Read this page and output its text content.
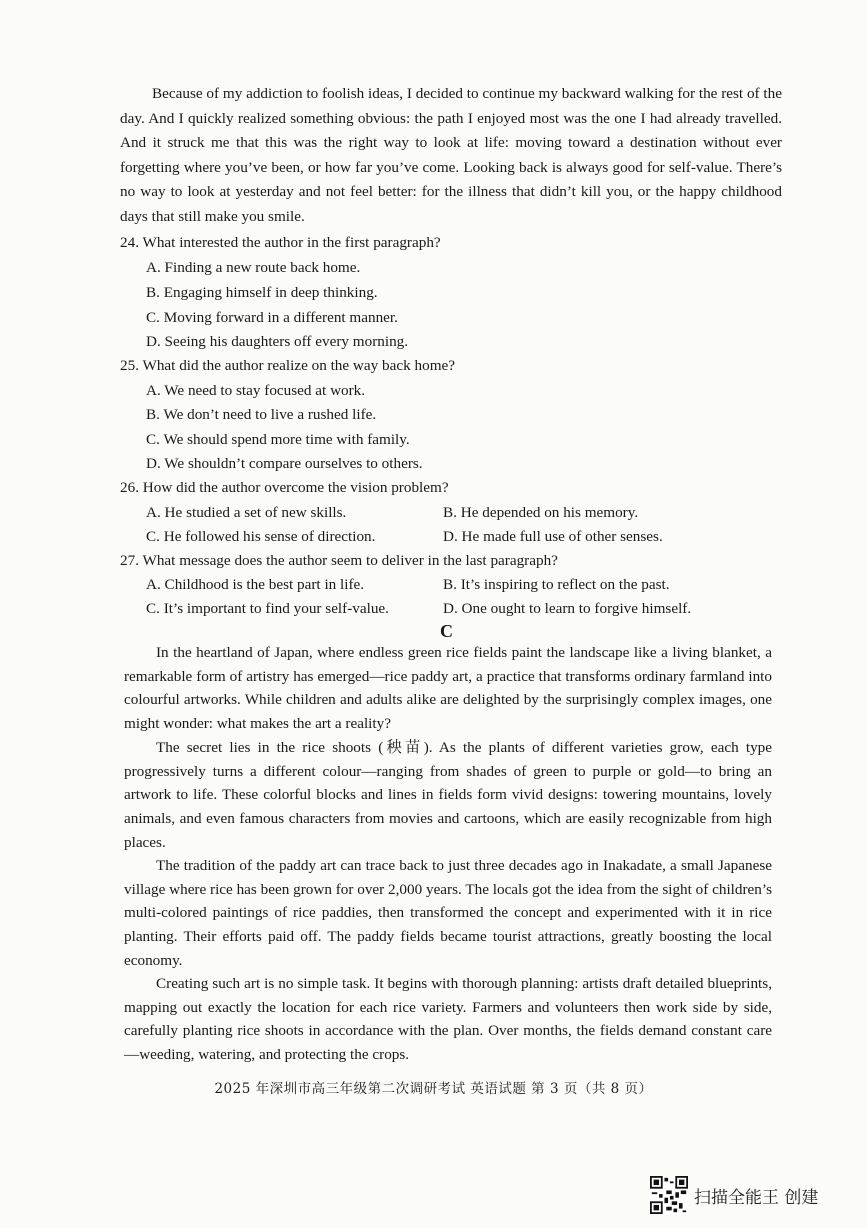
Because of my addiction to foolish ideas, I decided to continue my backward walking for the rest of the day. And I quickly realized something obvious: the path I enjoyed most was the one I had already travelled. And it struck me that this was the right way to look at life: moving toward a destination without ever forgetting where you’ve been, or how far you’ve come. Looking back is always good for self-value. There’s no way to look at yesterday and not feel better: for the illness that didn’t kill you, or the happy childhood days that still make you smile.
24. What interested the author in the first paragraph?
A. Finding a new route back home.
B. Engaging himself in deep thinking.
C. Moving forward in a different manner.
D. Seeing his daughters off every morning.
25. What did the author realize on the way back home?
A. We need to stay focused at work.
B. We don’t need to live a rushed life.
C. We should spend more time with family.
D. We shouldn’t compare ourselves to others.
26. How did the author overcome the vision problem?
A. He studied a set of new skills.	B. He depended on his memory.
C. He followed his sense of direction.	D. He made full use of other senses.
27. What message does the author seem to deliver in the last paragraph?
A. Childhood is the best part in life.	B. It’s inspiring to reflect on the past.
C. It’s important to find your self-value.	D. One ought to learn to forgive himself.
C
In the heartland of Japan, where endless green rice fields paint the landscape like a living blanket, a remarkable form of artistry has emerged—rice paddy art, a practice that transforms ordinary farmland into colourful artworks. While children and adults alike are delighted by the surprisingly complex images, one might wonder: what makes the art a reality?
The secret lies in the rice shoots (秧苗). As the plants of different varieties grow, each type progressively turns a different colour—ranging from shades of green to purple or gold—to bring an artwork to life. These colorful blocks and lines in fields form vivid designs: towering mountains, lovely animals, and even famous characters from movies and cartoons, which are easily recognizable from high places.
The tradition of the paddy art can trace back to just three decades ago in Inakadate, a small Japanese village where rice has been grown for over 2,000 years. The locals got the idea from the sight of children’s multi-colored paintings of rice paddies, then transformed the concept and experimented with it in rice planting. Their efforts paid off. The paddy fields became tourist attractions, greatly boosting the local economy.
Creating such art is no simple task. It begins with thorough planning: artists draft detailed blueprints, mapping out exactly the location for each rice variety. Farmers and volunteers then work side by side, carefully planting rice shoots in accordance with the plan. Over months, the fields demand constant care—weeding, watering, and protecting the crops.
2025 年深圳市高三年级第二次调研考试 英语试题 第 3 页（共 8 页）
扫描全能王 创建
